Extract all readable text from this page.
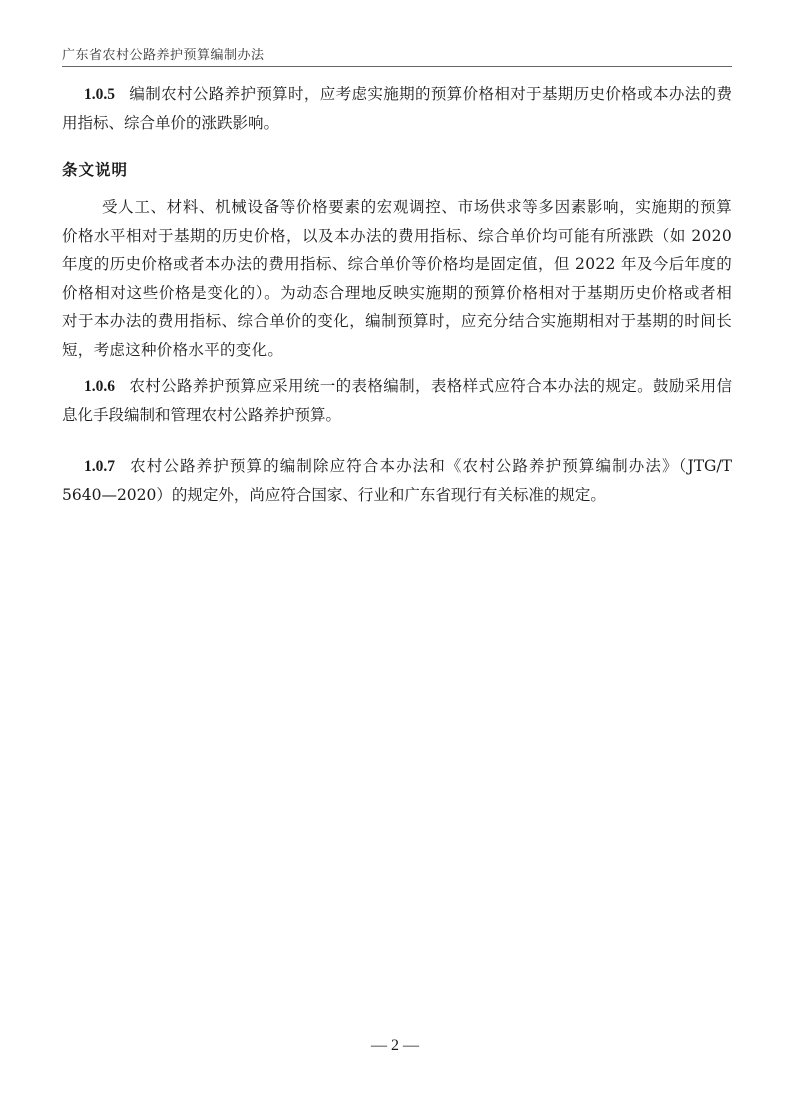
广东省农村公路养护预算编制办法
1.0.5 编制农村公路养护预算时，应考虑实施期的预算价格相对于基期历史价格或本办法的费用指标、综合单价的涨跌影响。
条文说明
受人工、材料、机械设备等价格要素的宏观调控、市场供求等多因素影响，实施期的预算价格水平相对于基期的历史价格，以及本办法的费用指标、综合单价均可能有所涨跌（如 2020 年度的历史价格或者本办法的费用指标、综合单价等价格均是固定值，但 2022 年及今后年度的价格相对这些价格是变化的）。为动态合理地反映实施期的预算价格相对于基期历史价格或者相对于本办法的费用指标、综合单价的变化，编制预算时，应充分结合实施期相对于基期的时间长短，考虑这种价格水平的变化。
1.0.6 农村公路养护预算应采用统一的表格编制，表格样式应符合本办法的规定。鼓励采用信息化手段编制和管理农村公路养护预算。
1.0.7 农村公路养护预算的编制除应符合本办法和《农村公路养护预算编制办法》（JTG/T 5640—2020）的规定外，尚应符合国家、行业和广东省现行有关标准的规定。
— 2 —
